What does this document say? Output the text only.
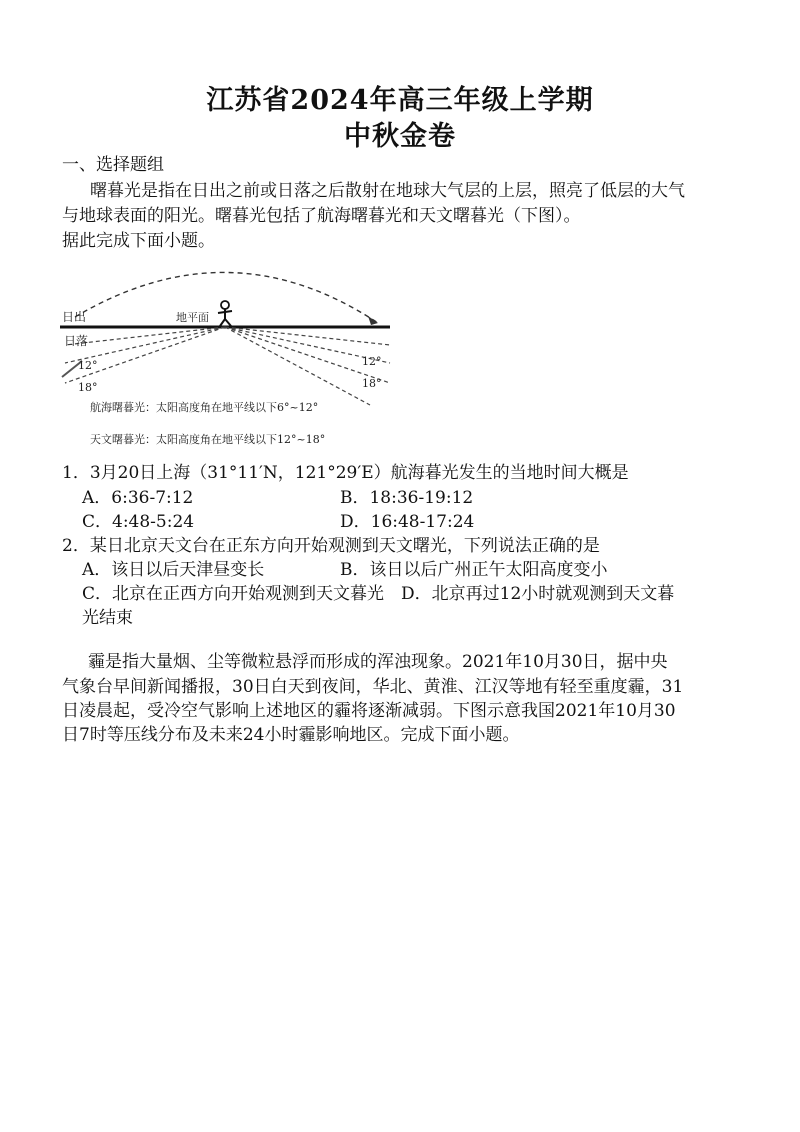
江苏省2024年高三年级上学期
中秋金卷
一、选择题组
曙暮光是指在日出之前或日落之后散射在地球大气层的上层，照亮了低层的大气
与地球表面的阳光。曙暮光包括了航海曙暮光和天文曙暮光（下图）。
据此完成下面小题。
日出
日落
地平面
12°
18°
12°
18°
航海曙暮光：太阳高度角在地平线以下6°~12°
天文曙暮光：太阳高度角在地平线以下12°~18°
1．3月20日上海（31°11′N，121°29′E）航海暮光发生的当地时间大概是
A．6:36-7:12	B．18:36-19:12
C．4:48-5:24	D．16:48-17:24
2．某日北京天文台在正东方向开始观测到天文曙光，下列说法正确的是
A．该日以后天津昼变长	B．该日以后广州正午太阳高度变小
C．北京在正西方向开始观测到天文暮光　D．北京再过12小时就观测到天文暮
光结束
霾是指大量烟、尘等微粒悬浮而形成的浑浊现象。2021年10月30日，据中央
气象台早间新闻播报，30日白天到夜间，华北、黄淮、江汉等地有轻至重度霾，31
日凌晨起，受冷空气影响上述地区的霾将逐渐减弱。下图示意我国2021年10月30
日7时等压线分布及未来24小时霾影响地区。完成下面小题。
